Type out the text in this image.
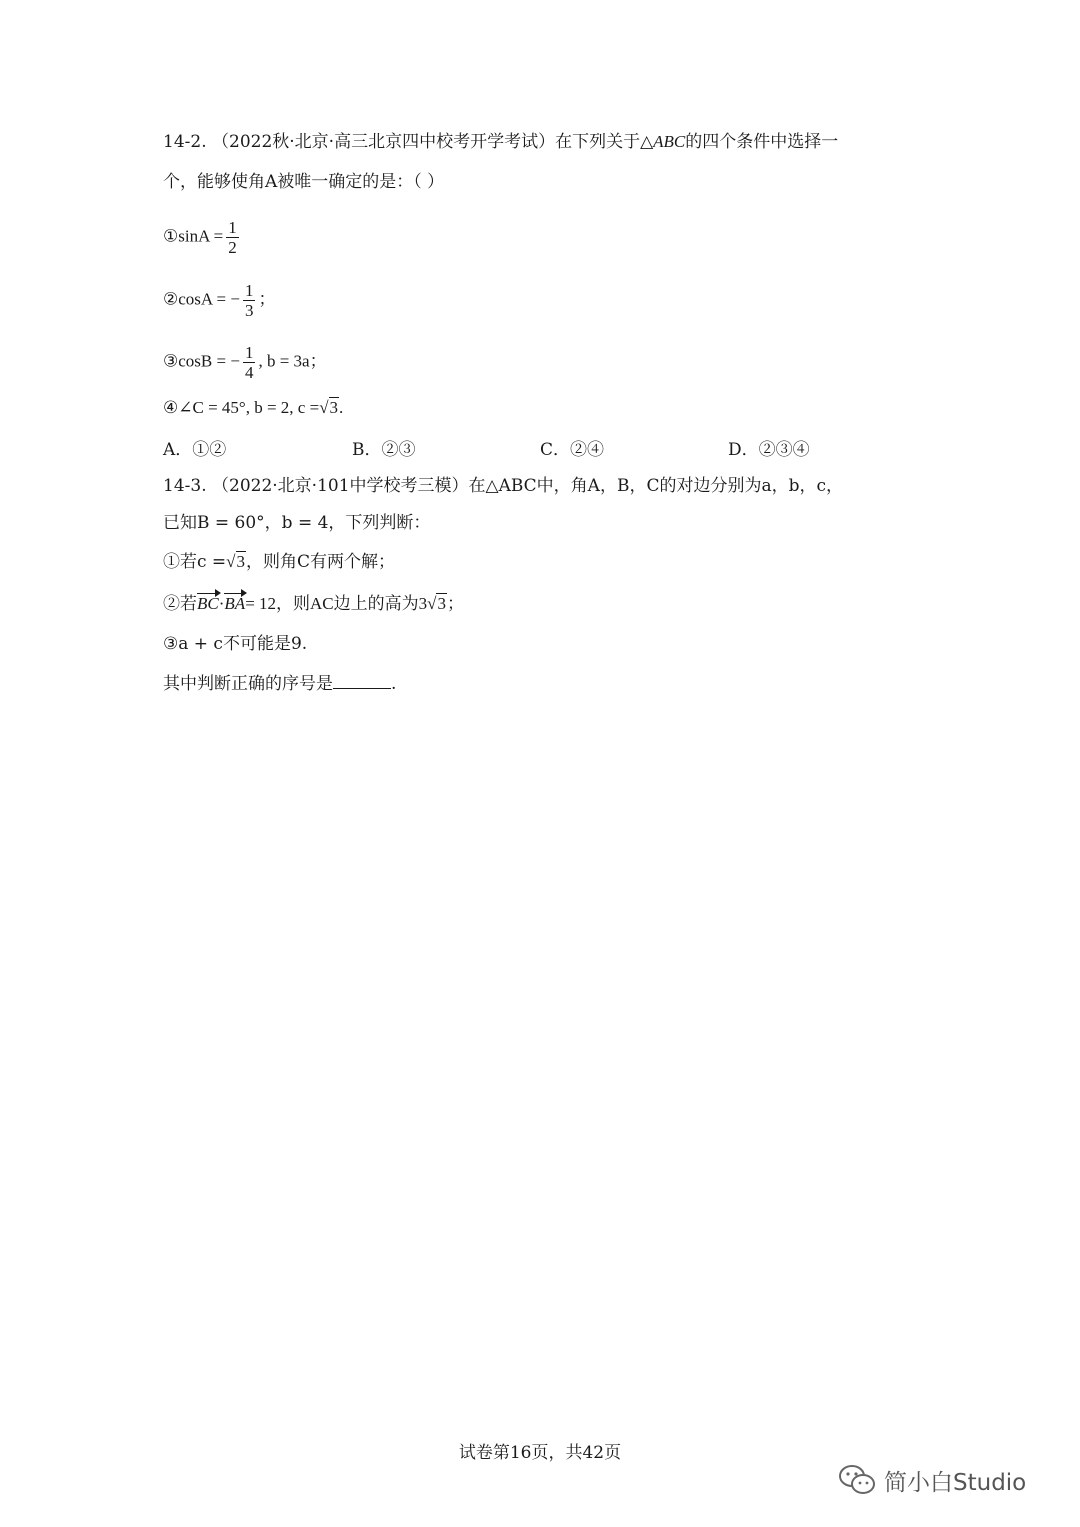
14-2. （2022秋·北京·高三北京四中校考开学考试）在下列关于△ABC的四个条件中选择一
个，能够使角A被唯一确定的是：（ ）
①sinA = $\frac{1}{2}$
②cosA = − $\frac{1}{3}$ ；
③cosB = − $\frac{1}{4}$ , b = 3a；
④∠C = 45°, b = 2, c =√3.
A．①②	B．②③	C．②④	D．②③④
14-3. （2022·北京·101中学校考三模）在△ABC中，角A，B，C的对边分别为a，b，c，
已知B = 60°，b = 4，下列判断：
①若c =√3，则角C有两个解；
②若BC·BA= 12，则AC边上的高为3√3；
③a + c不可能是9.
其中判断正确的序号是	.
试卷第16页，共42页
简小白Studio
